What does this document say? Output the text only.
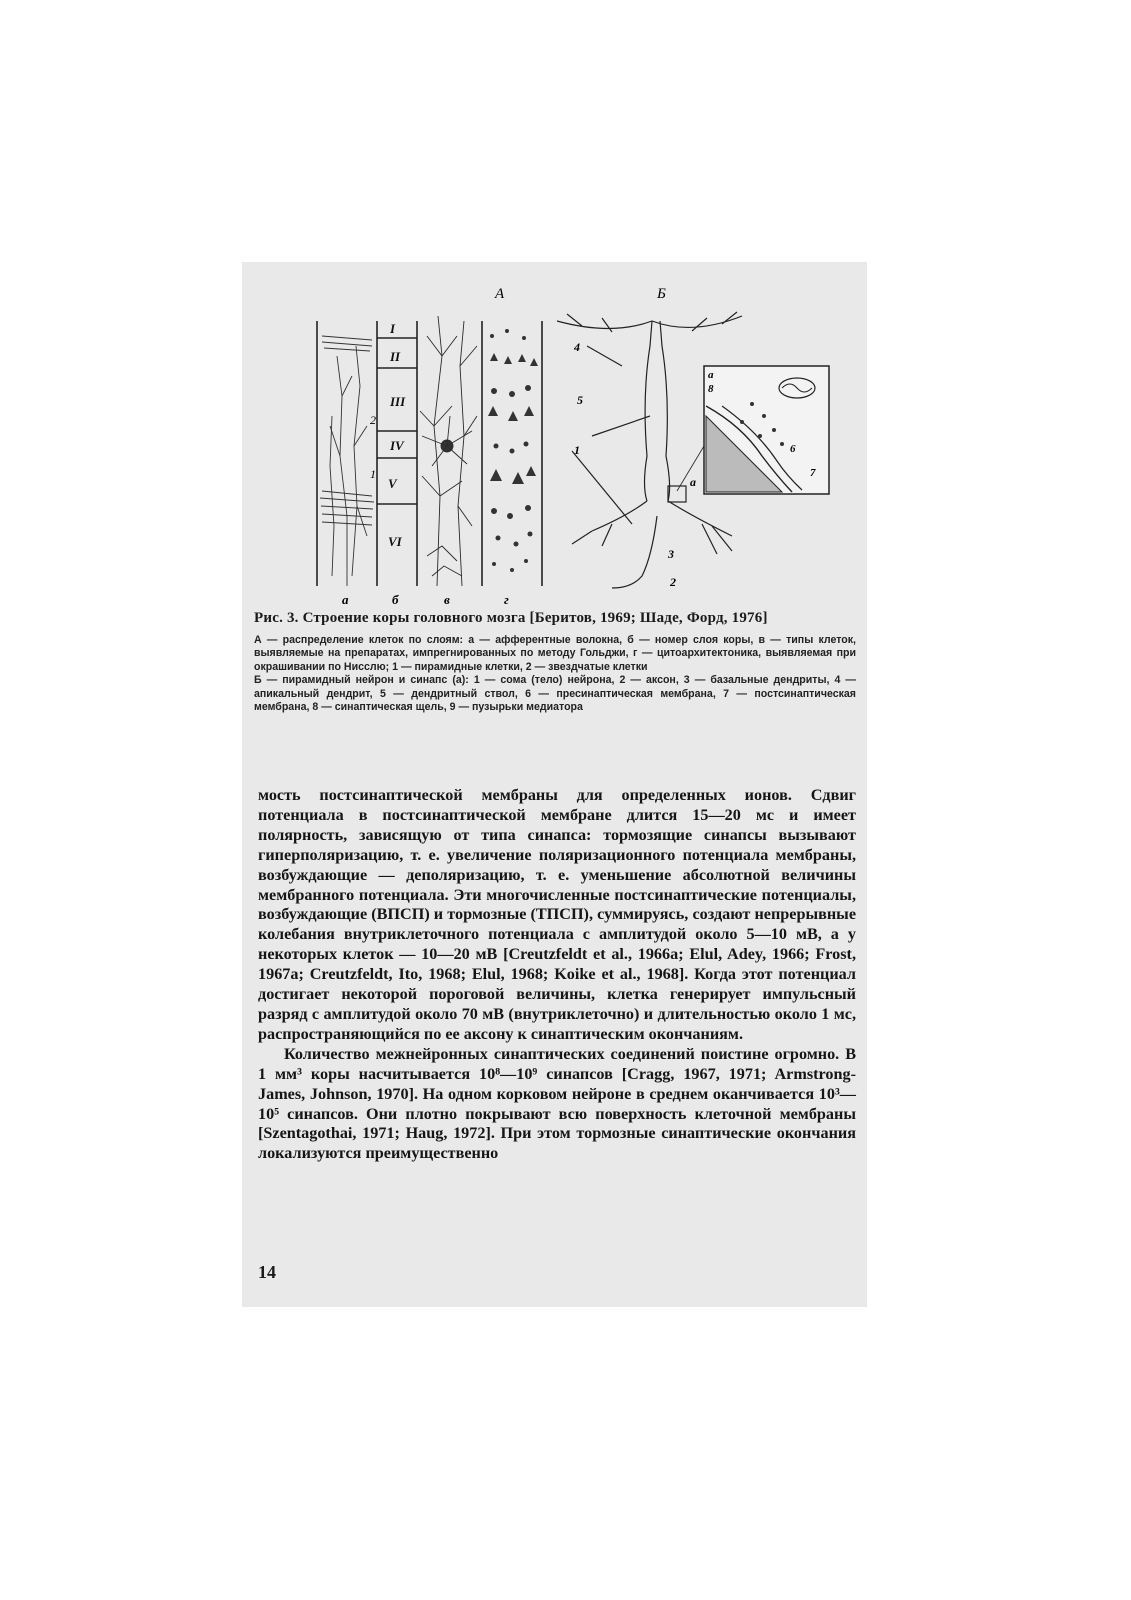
А
I
II
III
IV
V
VI
2
1
а	б	в	г
Б
4
5
1
а
3
2
а
8
6
7
Рис. 3. Строение коры головного мозга [Беритов, 1969; Шаде, Форд, 1976]

А — распределение клеток по слоям: а — афферентные волокна, б — номер слоя коры, в — типы клеток, выявляемые на препаратах, импрегнированных по методу Гольджи, г — цитоархитектоника, выявляемая при окрашивании по Нисслю; 1 — пирамидные клетки, 2 — звездчатые клетки

Б — пирамидный нейрон и синапс (а): 1 — сома (тело) нейрона, 2 — аксон, 3 — базальные дендриты, 4 — апикальный дендрит, 5 — дендритный ствол, 6 — пресинаптическая мембрана, 7 — постсинаптическая мембрана, 8 — синаптическая щель, 9 — пузырьки медиатора

мость постсинаптической мембраны для определенных ионов. Сдвиг потенциала в постсинаптической мембране длится 15—20 мс и имеет полярность, зависящую от типа синапса: тормозящие синапсы вызывают гиперполяризацию, т. е. увеличение поляризационного потенциала мембраны, возбуждающие — деполяризацию, т. е. уменьшение абсолютной величины мембранного потенциала. Эти многочисленные постсинаптические потенциалы, возбуждающие (ВПСП) и тормозные (ТПСП), суммируясь, создают непрерывные колебания внутриклеточного потенциала с амплитудой около 5—10 мВ, а у некоторых клеток — 10—20 мВ [Creutzfeldt et al., 1966a; Elul, Adey, 1966; Frost, 1967a; Creutzfeldt, Ito, 1968; Elul, 1968; Koike et al., 1968]. Когда этот потенциал достигает некоторой пороговой величины, клетка генерирует импульсный разряд с амплитудой около 70 мВ (внутриклеточно) и длительностью около 1 мс, распространяющийся по ее аксону к синаптическим окончаниям.

Количество межнейронных синаптических соединений поистине огромно. В 1 мм³ коры насчитывается 10⁸—10⁹ синапсов [Cragg, 1967, 1971; Armstrong-James, Johnson, 1970]. На одном корковом нейроне в среднем оканчивается 10³—10⁵ синапсов. Они плотно покрывают всю поверхность клеточной мембраны [Szentagothai, 1971; Haug, 1972]. При этом тормозные синаптические окончания локализуются преимущественно

14
